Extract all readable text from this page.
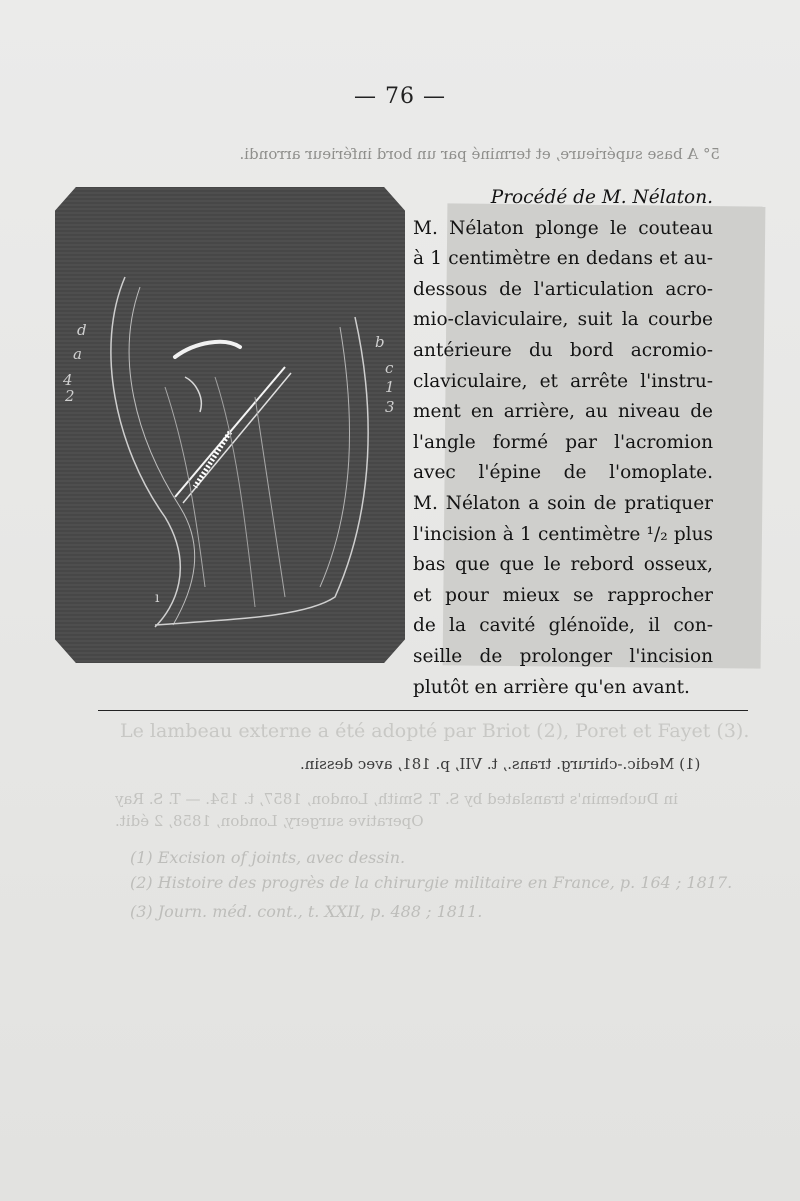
— 76 —
5° A base supérieure, et terminé par un bord inférieur arrondi.
d
a
4
2
b
c
1
3
ı
Procédé de M. Nélaton.
M. Nélaton plonge le couteau
à 1 centimètre en dedans et au-
dessous de l'articulation acro-
mio-claviculaire, suit la courbe
antérieure du bord acromio-
claviculaire, et arrête l'instru-
ment en arrière, au niveau de
l'angle formé par l'acromion
avec l'épine de l'omoplate.
M. Nélaton a soin de pratiquer
l'incision à 1 centimètre ¹/₂ plus
bas que que le rebord osseux,
et pour mieux se rapprocher
de la cavité glénoïde, il con-
seille de prolonger l'incision
plutôt en arrière qu'en avant.
Le lambeau externe a été adopté par Briot (2), Poret et Fayet (3).
(1) Medic.-chirurg. trans., t. VII, p. 181, avec dessin.
in Duchemin's translated by S. T. Smith, London, 1857, t. 154. — T. S. Ray
Operative surgery, London, 1858, 2 édit.
(1) Excision of joints, avec dessin.
(2) Histoire des progrès de la chirurgie militaire en France, p. 164 ; 1817.
(3) Journ. méd. cont., t. XXII, p. 488 ; 1811.
